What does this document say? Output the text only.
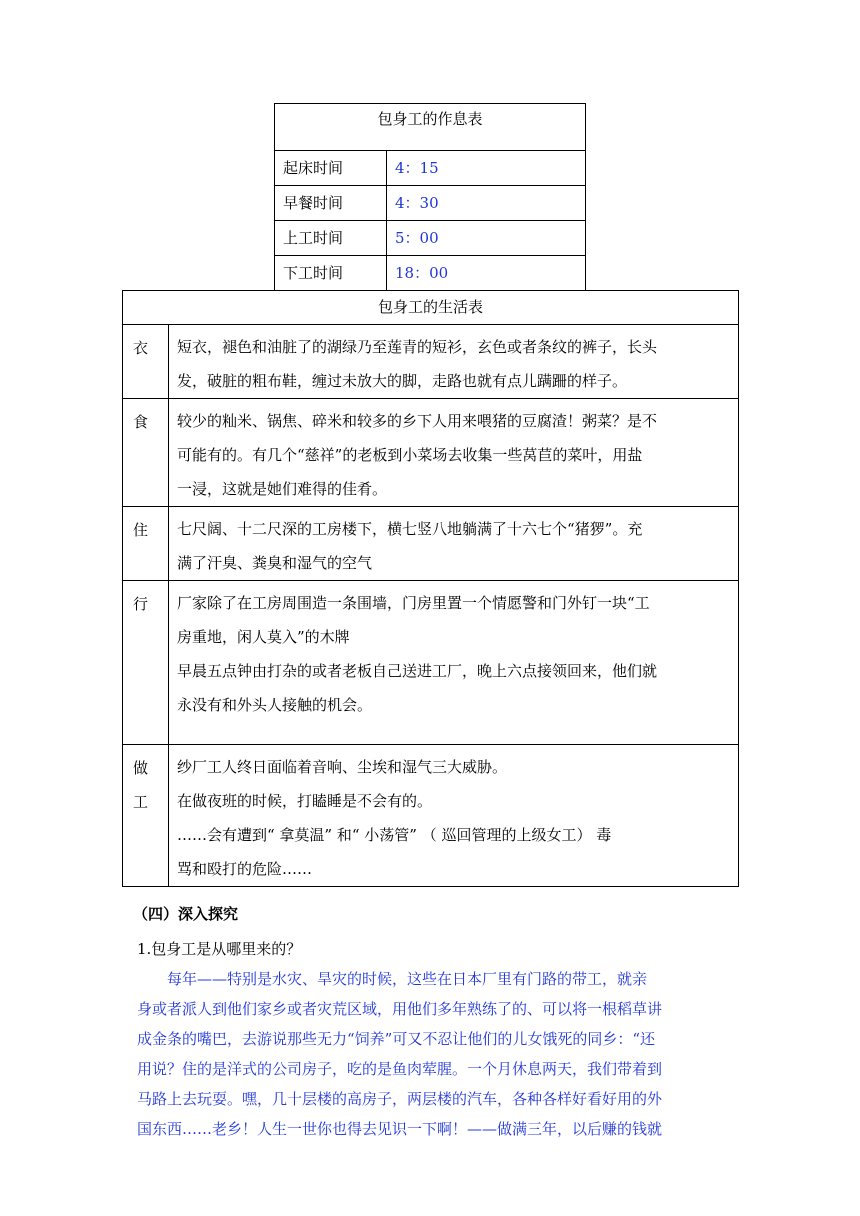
包身工的作息表	
起床时间	4：15
早餐时间	4：30
上工时间	5：00
下工时间	18：00
包身工的生活表	
衣	短衣，褪色和油脏了的湖绿乃至莲青的短衫，玄色或者条纹的裤子，长头
发，破脏的粗布鞋，缠过未放大的脚，走路也就有点儿蹒跚的样子。

食	较少的籼米、锅焦、碎米和较多的乡下人用来喂猪的豆腐渣！粥菜？是不
可能有的。有几个“慈祥”的老板到小菜场去收集一些莴苣的菜叶，用盐
一浸，这就是她们难得的佳肴。

住	七尺阔、十二尺深的工房楼下，横七竖八地躺满了十六七个“猪猡”。充
满了汗臭、粪臭和湿气的空气

行	厂家除了在工房周围造一条围墙，门房里置一个情愿警和门外钉一块“工
房重地，闲人莫入”的木牌
早晨五点钟由打杂的或者老板自己送进工厂，晚上六点接领回来，他们就
永没有和外头人接触的机会。

做
工	纱厂工人终日面临着音响、尘埃和湿气三大威胁。
在做夜班的时候，打瞌睡是不会有的。
……会有遭到“ 拿莫温” 和“ 小荡管” （ 巡回管理的上级女工） 毒
骂和殴打的危险……
（四）深入探究
1.包身工是从哪里来的？
　　每年——特别是水灾、旱灾的时候，这些在日本厂里有门路的带工，就亲
身或者派人到他们家乡或者灾荒区域，用他们多年熟练了的、可以将一根稻草讲
成金条的嘴巴，去游说那些无力“饲养”可又不忍让他们的儿女饿死的同乡：“还
用说？住的是洋式的公司房子，吃的是鱼肉荤腥。一个月休息两天，我们带着到
马路上去玩耍。嘿，几十层楼的高房子，两层楼的汽车，各种各样好看好用的外
国东西……老乡！人生一世你也得去见识一下啊！——做满三年，以后赚的钱就
